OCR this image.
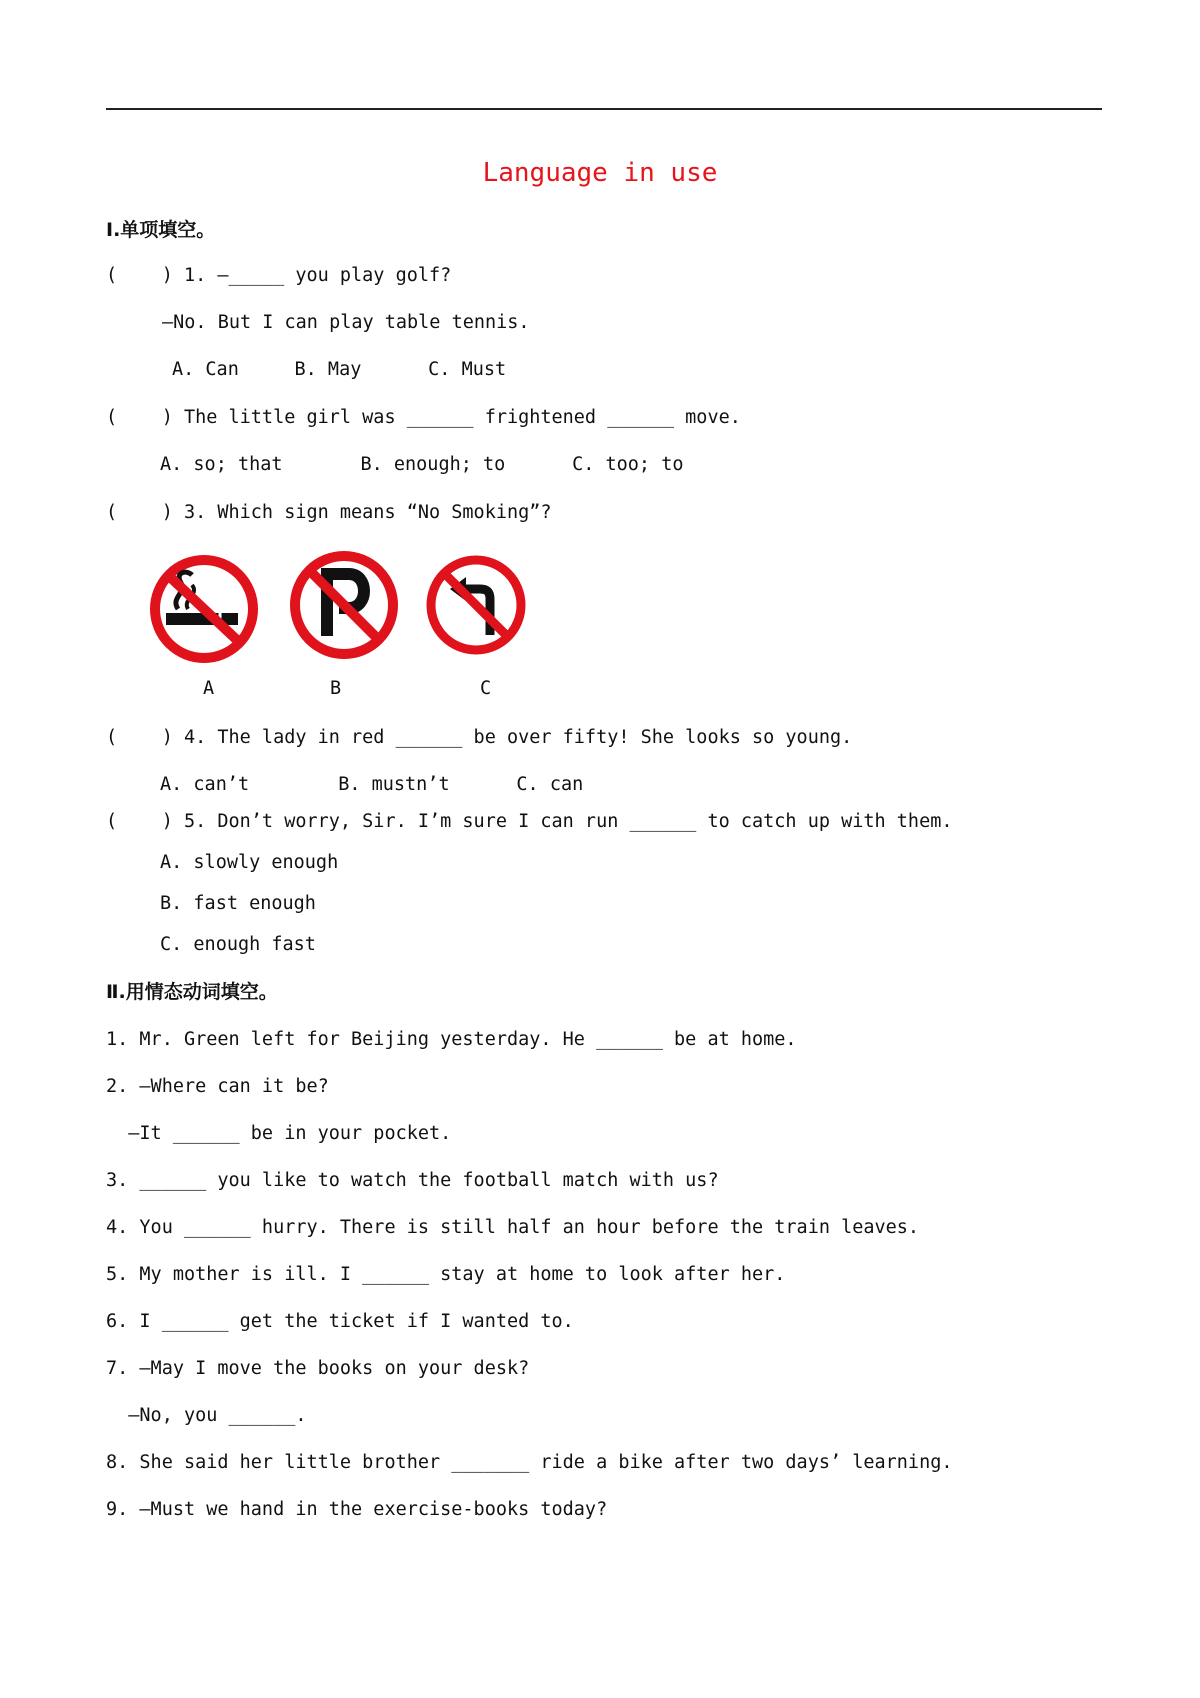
Language in use
Ⅰ.单项填空。
(    ) 1. —_____ you play golf?
—No. But I can play table tennis.
A. Can     B. May      C. Must
(    ) The little girl was ______ frightened ______ move.
A. so; that       B. enough; to      C. too; to
(    ) 3. Which sign means “No Smoking”?
A	B	C
(    ) 4. The lady in red ______ be over fifty! She looks so young.
A. can’t        B. mustn’t      C. can
(    ) 5. Don’t worry, Sir. I’m sure I can run ______ to catch up with them.
A. slowly enough
B. fast enough
C. enough fast
Ⅱ.用情态动词填空。
1. Mr. Green left for Beijing yesterday. He ______ be at home.
2. —Where can it be?
—It ______ be in your pocket.
3. ______ you like to watch the football match with us?
4. You ______ hurry. There is still half an hour before the train leaves.
5. My mother is ill. I ______ stay at home to look after her.
6. I ______ get the ticket if I wanted to.
7. —May I move the books on your desk?
—No, you ______.
8. She said her little brother _______ ride a bike after two days’ learning.
9. —Must we hand in the exercise-books today?
